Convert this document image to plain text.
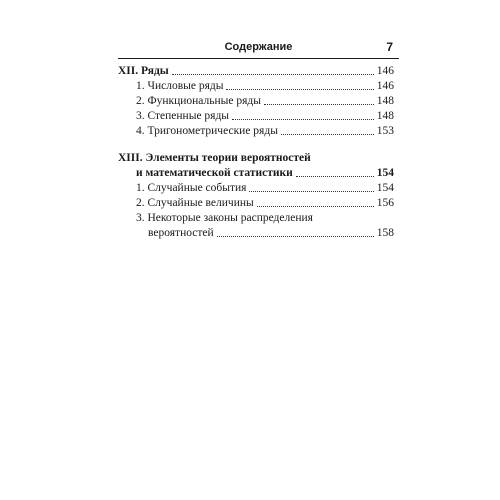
Содержание	7
XII. Ряды	146
1. Числовые ряды	146
2. Функциональные ряды	148
3. Степенные ряды	148
4. Тригонометрические ряды	153
XIII. Элементы теории вероятностей
и математической статистики	154
1. Случайные события	154
2. Случайные величины	156
3. Некоторые законы распределения
вероятностей	158
